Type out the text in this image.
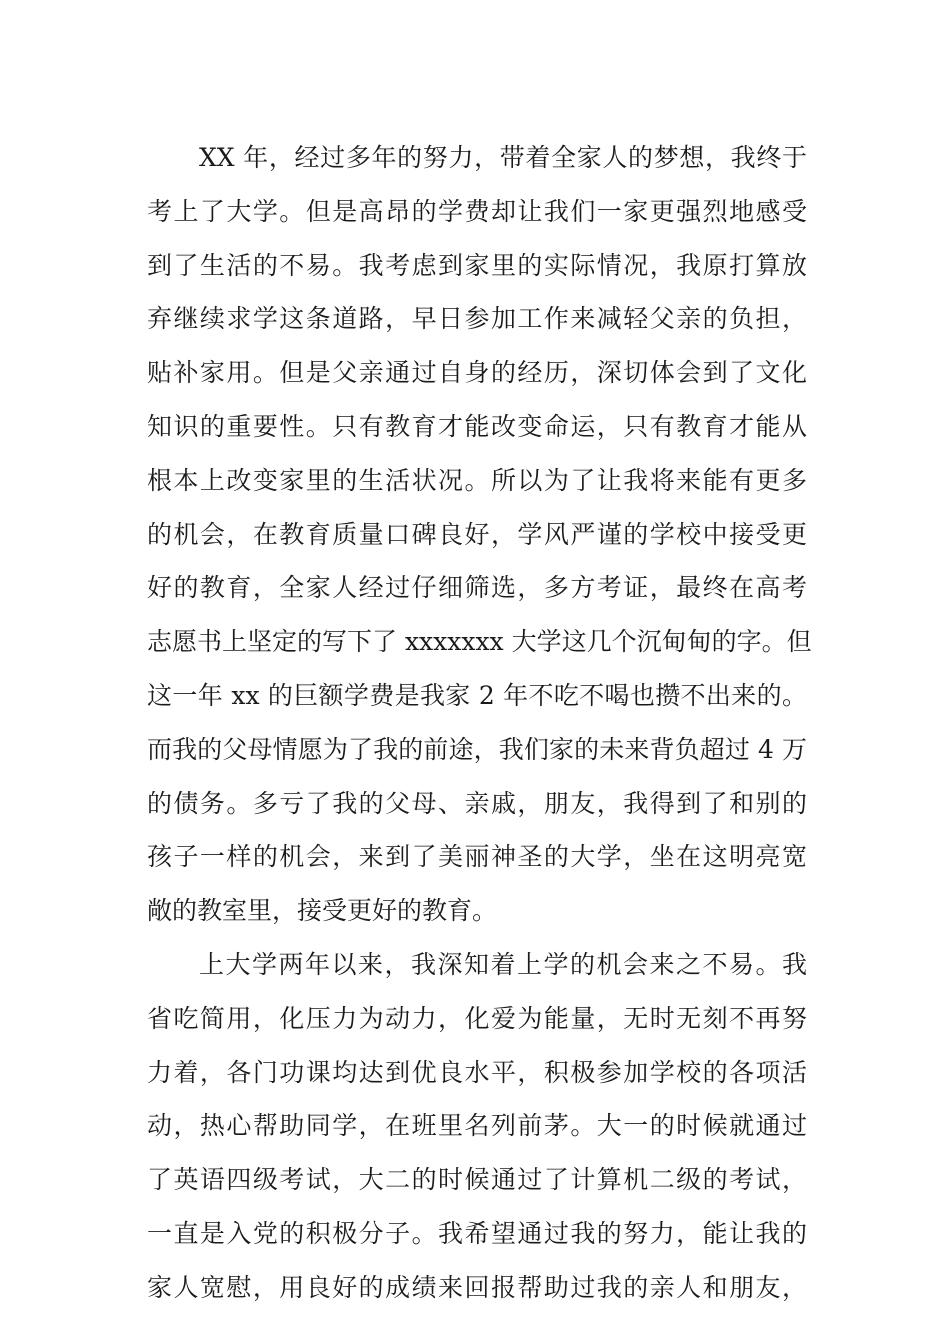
XX 年，经过多年的努力，带着全家人的梦想，我终于
考上了大学。但是高昂的学费却让我们一家更强烈地感受
到了生活的不易。我考虑到家里的实际情况，我原打算放
弃继续求学这条道路，早日参加工作来减轻父亲的负担，
贴补家用。但是父亲通过自身的经历，深切体会到了文化
知识的重要性。只有教育才能改变命运，只有教育才能从
根本上改变家里的生活状况。所以为了让我将来能有更多
的机会，在教育质量口碑良好，学风严谨的学校中接受更
好的教育，全家人经过仔细筛选，多方考证，最终在高考
志愿书上坚定的写下了 xxxxxxx 大学这几个沉甸甸的字。但
这一年 xx 的巨额学费是我家 2 年不吃不喝也攒不出来的。
而我的父母情愿为了我的前途，我们家的未来背负超过 4 万
的债务。多亏了我的父母、亲戚，朋友，我得到了和别的
孩子一样的机会，来到了美丽神圣的大学，坐在这明亮宽
敞的教室里，接受更好的教育。
上大学两年以来，我深知着上学的机会来之不易。我
省吃简用，化压力为动力，化爱为能量，无时无刻不再努
力着，各门功课均达到优良水平，积极参加学校的各项活
动，热心帮助同学，在班里名列前茅。大一的时候就通过
了英语四级考试，大二的时候通过了计算机二级的考试，
一直是入党的积极分子。我希望通过我的努力，能让我的
家人宽慰，用良好的成绩来回报帮助过我的亲人和朋友，
